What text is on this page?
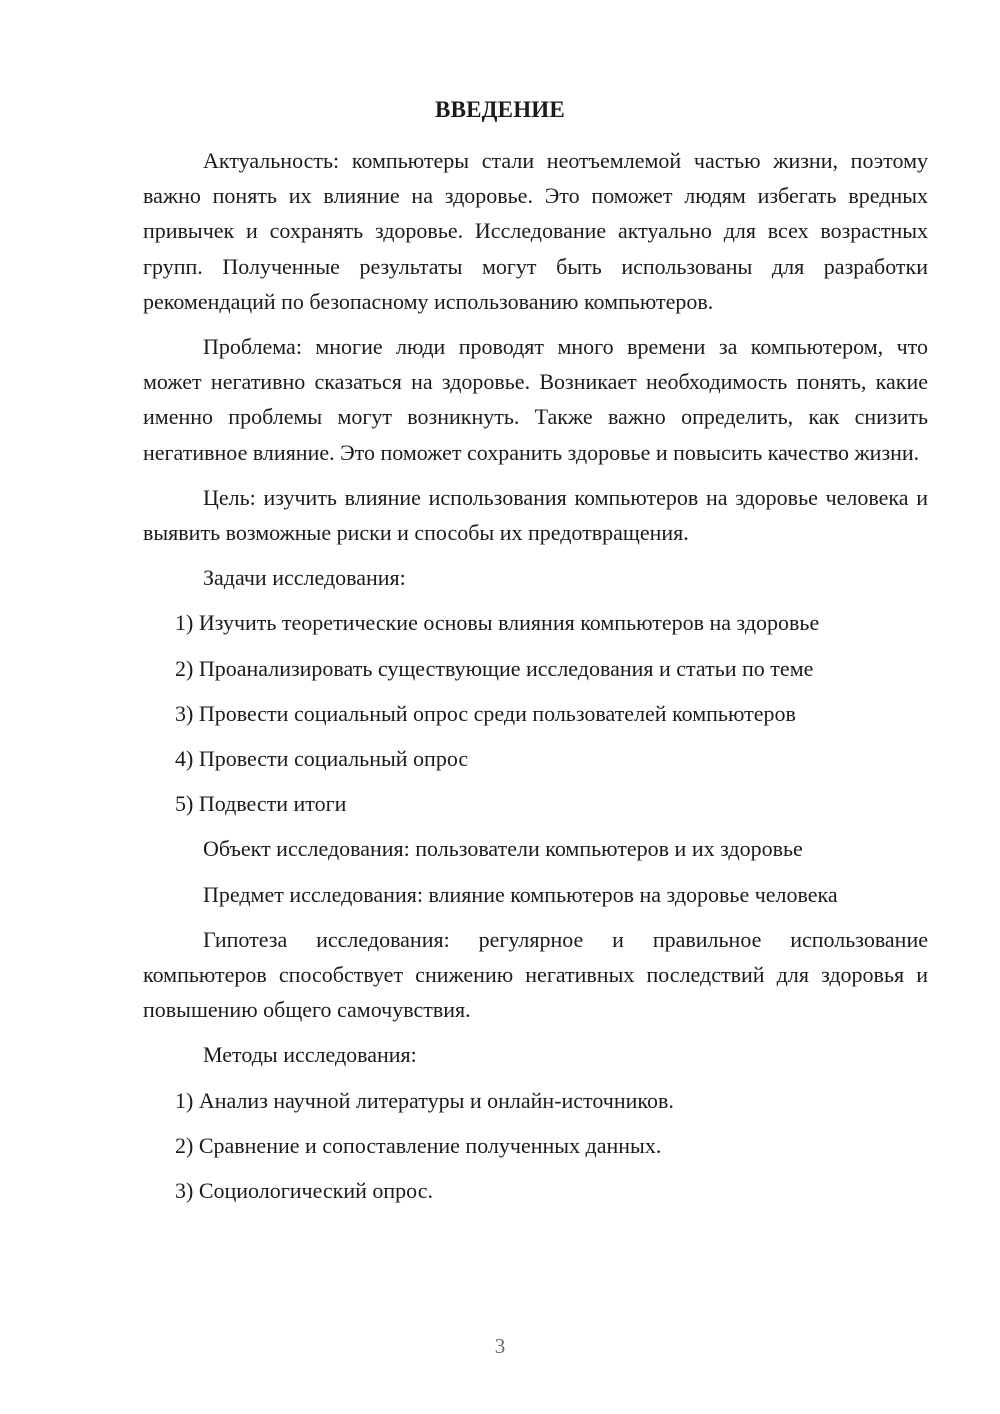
ВВЕДЕНИЕ

Актуальность: компьютеры стали неотъемлемой частью жизни, поэтому важно понять их влияние на здоровье. Это поможет людям избегать вредных привычек и сохранять здоровье. Исследование актуально для всех возрастных групп. Полученные результаты могут быть использованы для разработки рекомендаций по безопасному использованию компьютеров.

Проблема: многие люди проводят много времени за компьютером, что может негативно сказаться на здоровье. Возникает необходимость понять, какие именно проблемы могут возникнуть. Также важно определить, как снизить негативное влияние. Это поможет сохранить здоровье и повысить качество жизни.

Цель: изучить влияние использования компьютеров на здоровье человека и выявить возможные риски и способы их предотвращения.

Задачи исследования:

1) Изучить теоретические основы влияния компьютеров на здоровье

2) Проанализировать существующие исследования и статьи по теме

3) Провести социальный опрос среди пользователей компьютеров

4) Провести социальный опрос

5) Подвести итоги

Объект исследования: пользователи компьютеров и их здоровье

Предмет исследования: влияние компьютеров на здоровье человека

Гипотеза исследования: регулярное и правильное использование компьютеров способствует снижению негативных последствий для здоровья и повышению общего самочувствия.

Методы исследования:

1) Анализ научной литературы и онлайн-источников.

2) Сравнение и сопоставление полученных данных.

3) Социологический опрос.

3
